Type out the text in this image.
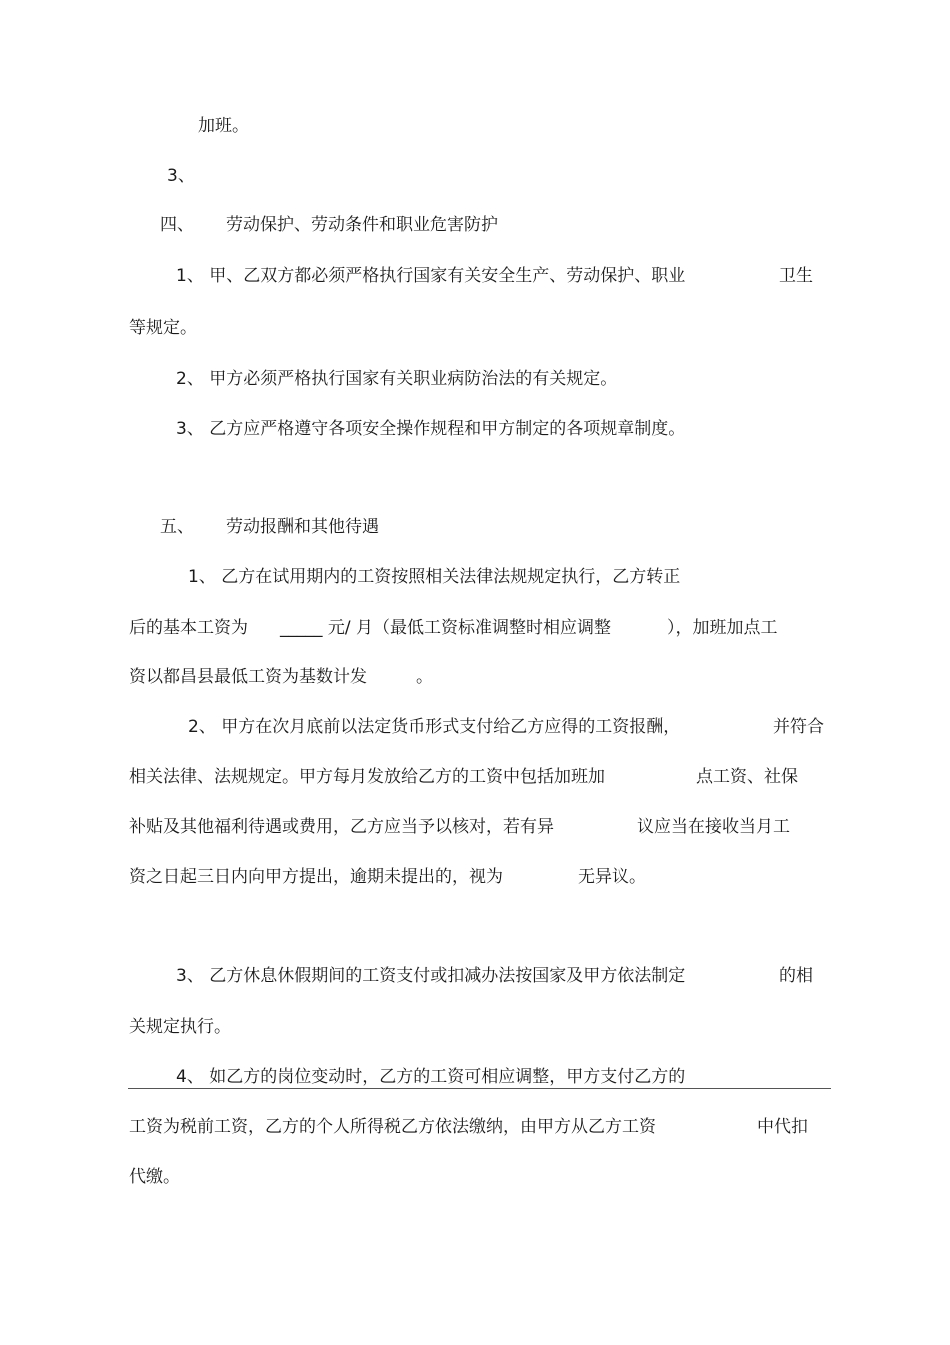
加班。
3、
四、 劳动保护、劳动条件和职业危害防护
1、 甲、乙双方都必须严格执行国家有关安全生产、劳动保护、职业	卫生
等规定。
2、 甲方必须严格执行国家有关职业病防治法的有关规定。
3、 乙方应严格遵守各项安全操作规程和甲方制定的各项规章制度。
五、 劳动报酬和其他待遇
1、 乙方在试用期内的工资按照相关法律法规规定执行，乙方转正
后的基本工资为 _____ 元/ 月（最低工资标准调整时相应调整	），加班加点工
资以都昌县最低工资为基数计发	。
2、 甲方在次月底前以法定货币形式支付给乙方应得的工资报酬，	并符合
相关法律、法规规定。甲方每月发放给乙方的工资中包括加班加	点工资、社保
补贴及其他福利待遇或费用，乙方应当予以核对，若有异	议应当在接收当月工
资之日起三日内向甲方提出，逾期未提出的，视为	无异议。
3、 乙方休息休假期间的工资支付或扣减办法按国家及甲方依法制定	的相
关规定执行。
4、 如乙方的岗位变动时，乙方的工资可相应调整，甲方支付乙方的
工资为税前工资，乙方的个人所得税乙方依法缴纳，由甲方从乙方工资	中代扣
代缴。
